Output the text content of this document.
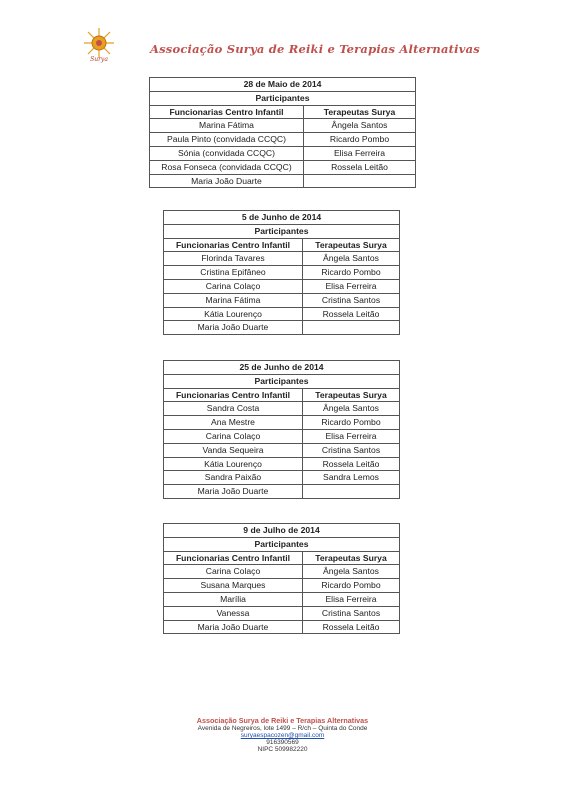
Surya
Associação Surya de Reiki e Terapias Alternativas
28 de Maio de 2014	
Participantes	
Funcionarias Centro Infantil	Terapeutas Surya
Marina Fátima	Ângela Santos
Paula Pinto (convidada CCQC)	Ricardo Pombo
Sónia (convidada CCQC)	Elisa Ferreira
Rosa Fonseca (convidada CCQC)	Rossela Leitão
Maria João Duarte	
5 de Junho de 2014	
Participantes	
Funcionarias Centro Infantil	Terapeutas Surya
Florinda Tavares	Ângela Santos
Cristina Epifâneo	Ricardo Pombo
Carina Colaço	Elisa Ferreira
Marina Fátima	Cristina Santos
Kátia Lourenço	Rossela Leitão
Maria João Duarte	
25 de Junho de 2014	
Participantes	
Funcionarias Centro Infantil	Terapeutas Surya
Sandra Costa	Ângela Santos
Ana Mestre	Ricardo Pombo
Carina Colaço	Elisa Ferreira
Vanda Sequeira	Cristina Santos
Kátia Lourenço	Rossela Leitão
Sandra Paixão	Sandra Lemos
Maria João Duarte	
9 de Julho de 2014	
Participantes	
Funcionarias Centro Infantil	Terapeutas Surya
Carina Colaço	Ângela Santos
Susana Marques	Ricardo Pombo
Marília	Elisa Ferreira
Vanessa	Cristina Santos
Maria João Duarte	Rossela Leitão
Associação Surya de Reiki e Terapias Alternativas
Avenida de Negreiros, lote 1499 – R/ch – Quinta do Conde
suryaespacozen@gmail.com
916390569
NIPC 509982220
